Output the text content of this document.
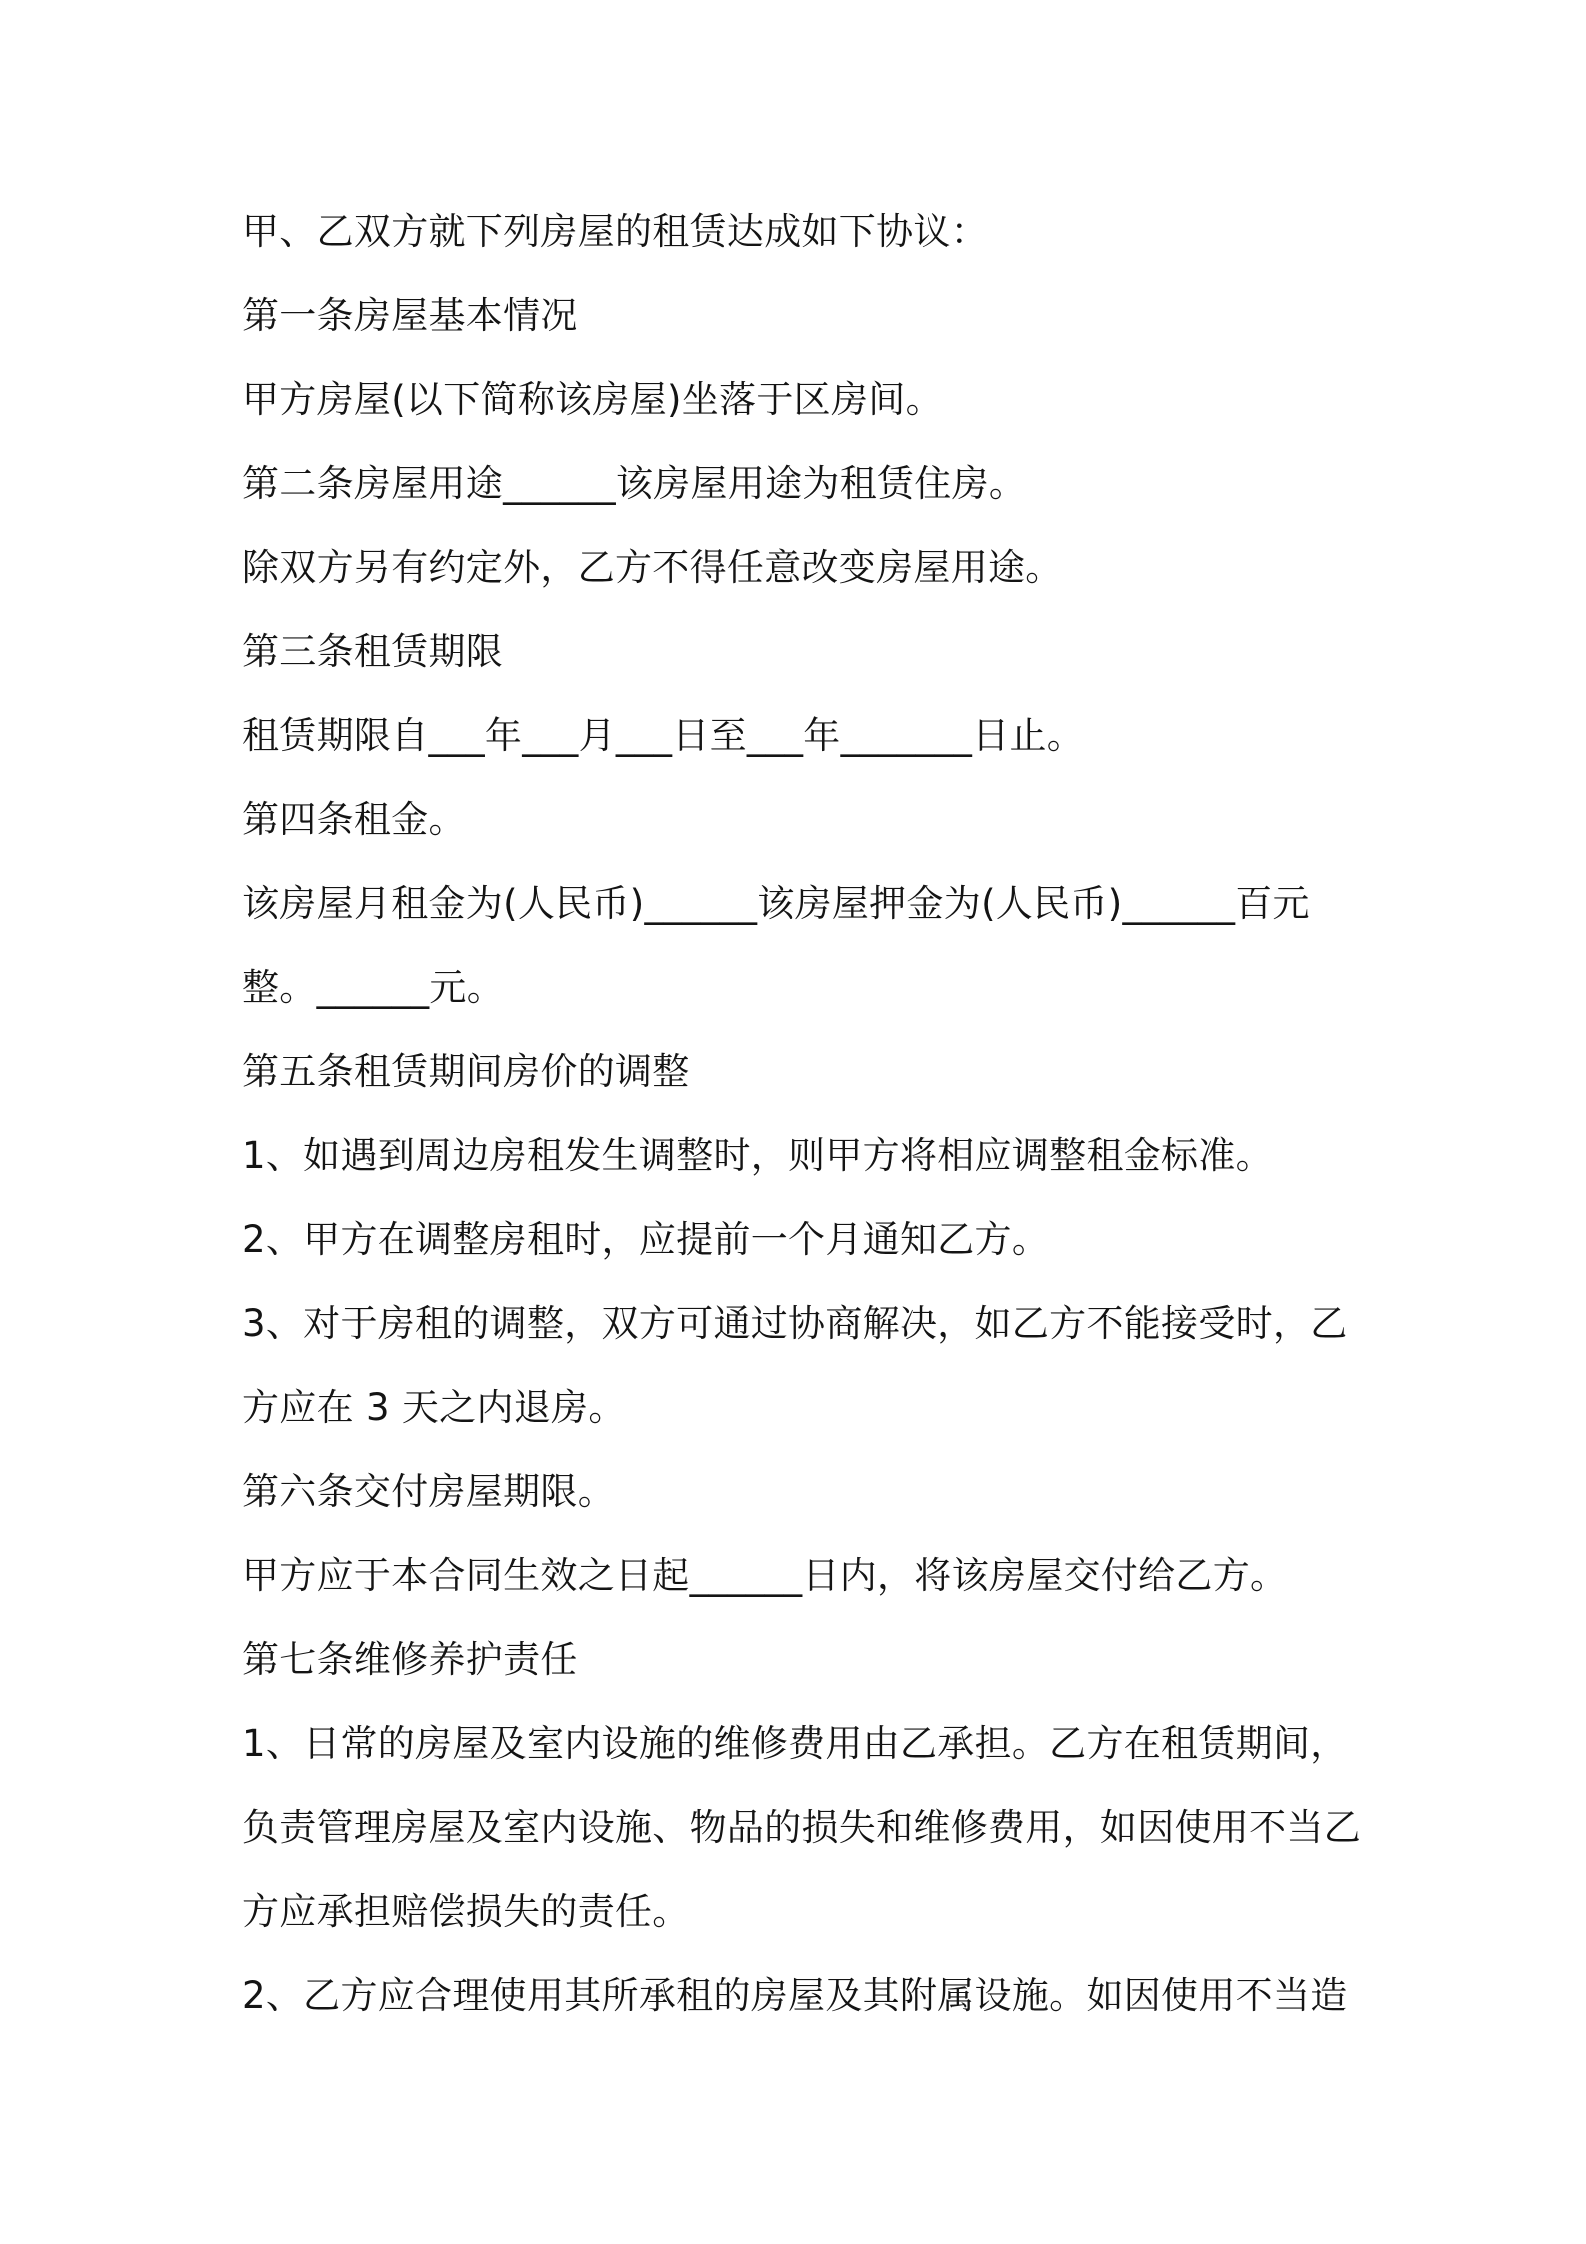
甲、乙双方就下列房屋的租赁达成如下协议：
第一条房屋基本情况
甲方房屋(以下简称该房屋)坐落于区房间。
第二条房屋用途______该房屋用途为租赁住房。
除双方另有约定外，乙方不得任意改变房屋用途。
第三条租赁期限
租赁期限自___年___月___日至___年_______日止。
第四条租金。
该房屋月租金为(人民币)______该房屋押金为(人民币)______百元
整。______元。
第五条租赁期间房价的调整
1、如遇到周边房租发生调整时，则甲方将相应调整租金标准。
2、甲方在调整房租时，应提前一个月通知乙方。
3、对于房租的调整，双方可通过协商解决，如乙方不能接受时，乙
方应在 3 天之内退房。
第六条交付房屋期限。
甲方应于本合同生效之日起______日内，将该房屋交付给乙方。
第七条维修养护责任
1、日常的房屋及室内设施的维修费用由乙承担。乙方在租赁期间，
负责管理房屋及室内设施、物品的损失和维修费用，如因使用不当乙
方应承担赔偿损失的责任。
2、乙方应合理使用其所承租的房屋及其附属设施。如因使用不当造
